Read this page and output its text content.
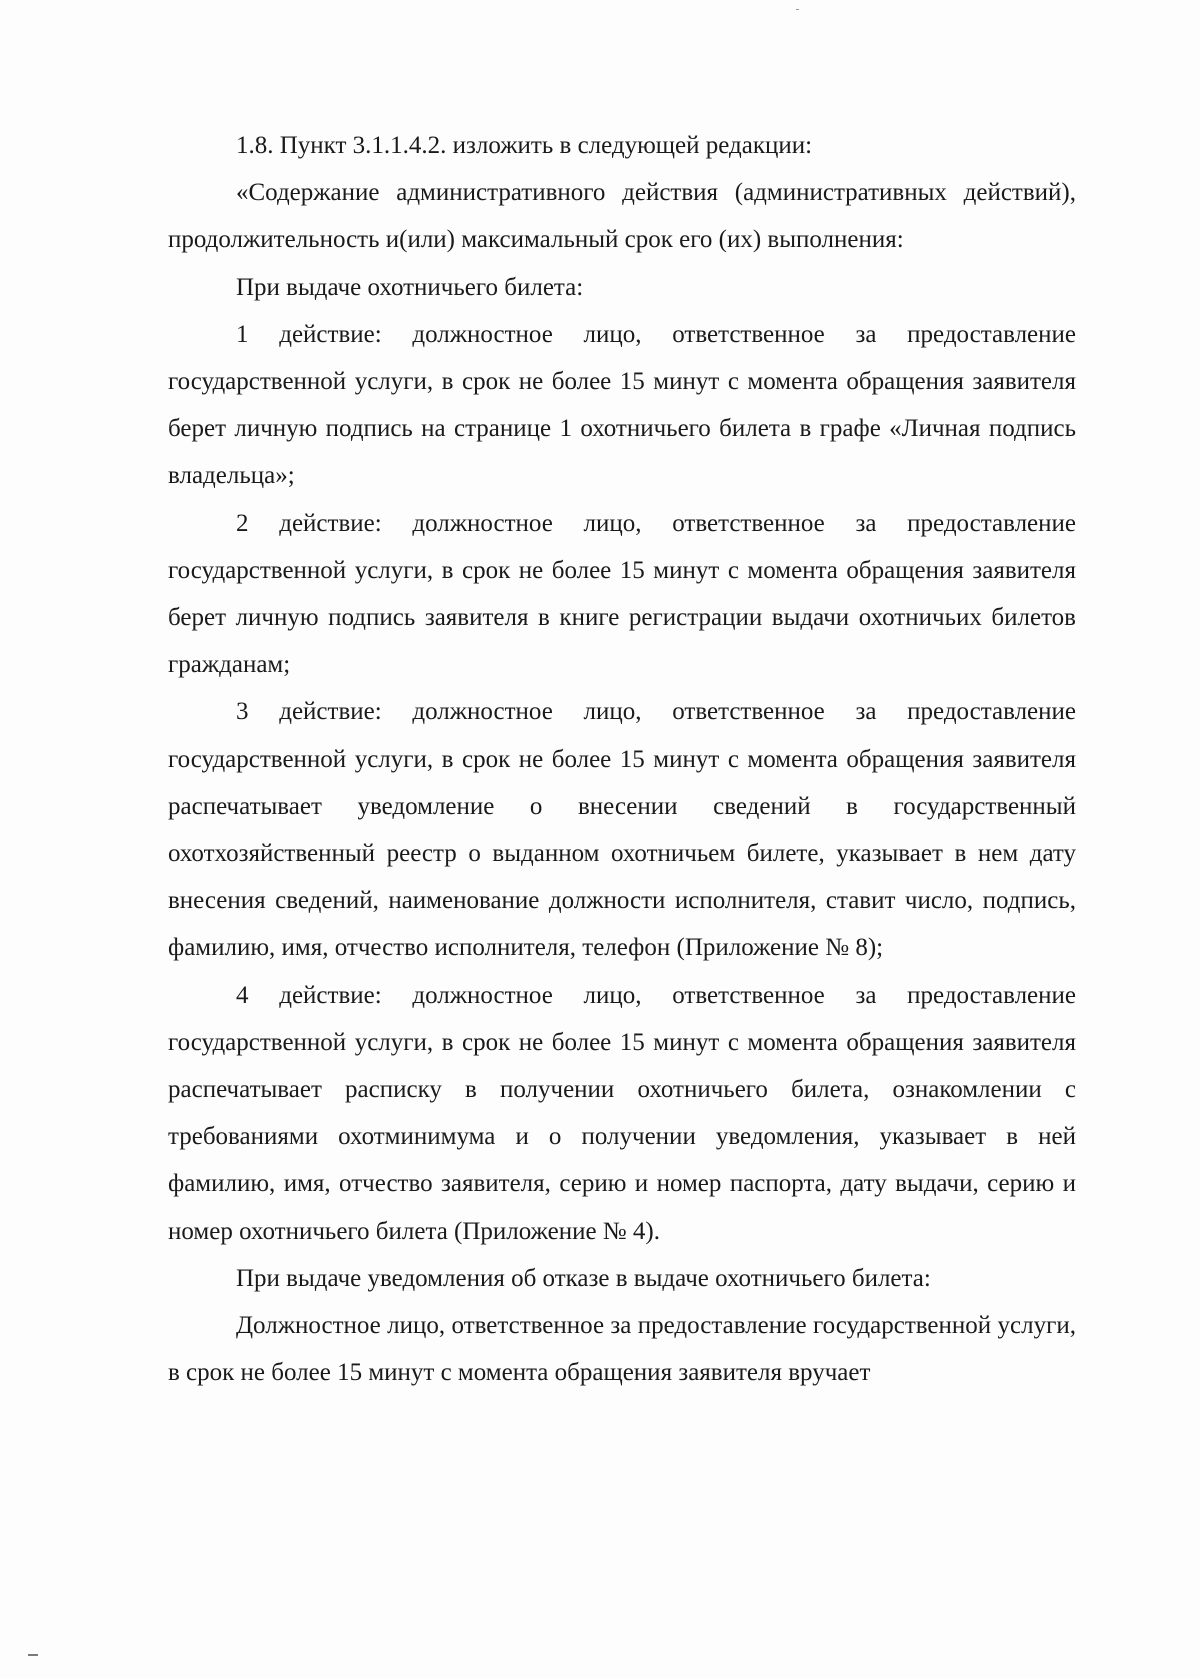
1.8. Пункт 3.1.1.4.2. изложить в следующей редакции:

«Содержание административного действия (административных действий), продолжительность и(или) максимальный срок его (их) выполнения:

При выдаче охотничьего билета:

1 действие: должностное лицо, ответственное за предоставление государственной услуги, в срок не более 15 минут с момента обращения заявителя берет личную подпись на странице 1 охотничьего билета в графе «Личная подпись владельца»;

2 действие: должностное лицо, ответственное за предоставление государственной услуги, в срок не более 15 минут с момента обращения заявителя берет личную подпись заявителя в книге регистрации выдачи охотничьих билетов гражданам;

3 действие: должностное лицо, ответственное за предоставление государственной услуги, в срок не более 15 минут с момента обращения заявителя распечатывает уведомление о внесении сведений в государственный охотхозяйственный реестр о выданном охотничьем билете, указывает в нем дату внесения сведений, наименование должности исполнителя, ставит число, подпись, фамилию, имя, отчество исполнителя, телефон (Приложение № 8);

4 действие: должностное лицо, ответственное за предоставление государственной услуги, в срок не более 15 минут с момента обращения заявителя распечатывает расписку в получении охотничьего билета, ознакомлении с требованиями охотминимума и о получении уведомления, указывает в ней фамилию, имя, отчество заявителя, серию и номер паспорта, дату выдачи, серию и номер охотничьего билета (Приложение № 4).

При выдаче уведомления об отказе в выдаче охотничьего билета:

Должностное лицо, ответственное за предоставление государственной услуги, в срок не более 15 минут с момента обращения заявителя вручает
